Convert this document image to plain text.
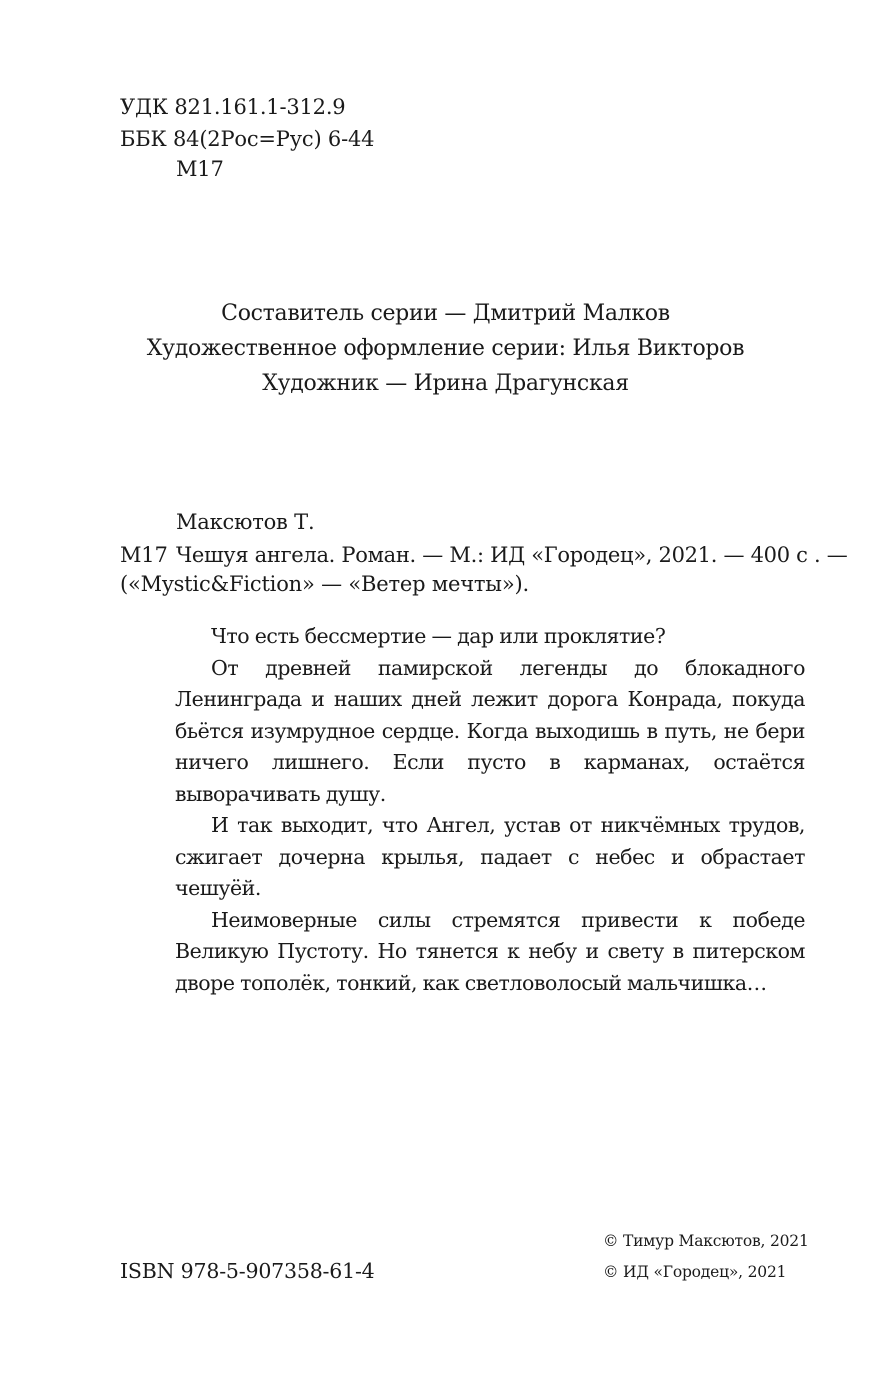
УДК 821.161.1-312.9
ББК 84(2Рос=Рус) 6-44
М17
Составитель серии — Дмитрий Малков
Художественное оформление серии: Илья Викторов
Художник — Ирина Драгунская
Максютов Т.
М17 Чешуя ангела. Роман. — М.: ИД «Городец», 2021. — 400 с . —
(«Mystic&Fiction» — «Ветер мечты»).

Что есть бессмертие — дар или проклятие?

От древней памирской легенды до блокадного Ленинграда и наших дней лежит дорога Конрада, покуда бьётся изумрудное сердце. Когда выходишь в путь, не бери ничего лишнего. Если пусто в карманах, остаётся выворачивать душу.

И так выходит, что Ангел, устав от никчёмных трудов, сжигает дочерна крылья, падает с небес и обрастает чешуёй.

Неимоверные силы стремятся привести к победе Великую Пустоту. Но тянется к небу и свету в питерском дворе тополёк, тонкий, как светловолосый мальчишка…

© Тимур Максютов, 2021
ISBN 978-5-907358-61-4	© ИД «Городец», 2021
